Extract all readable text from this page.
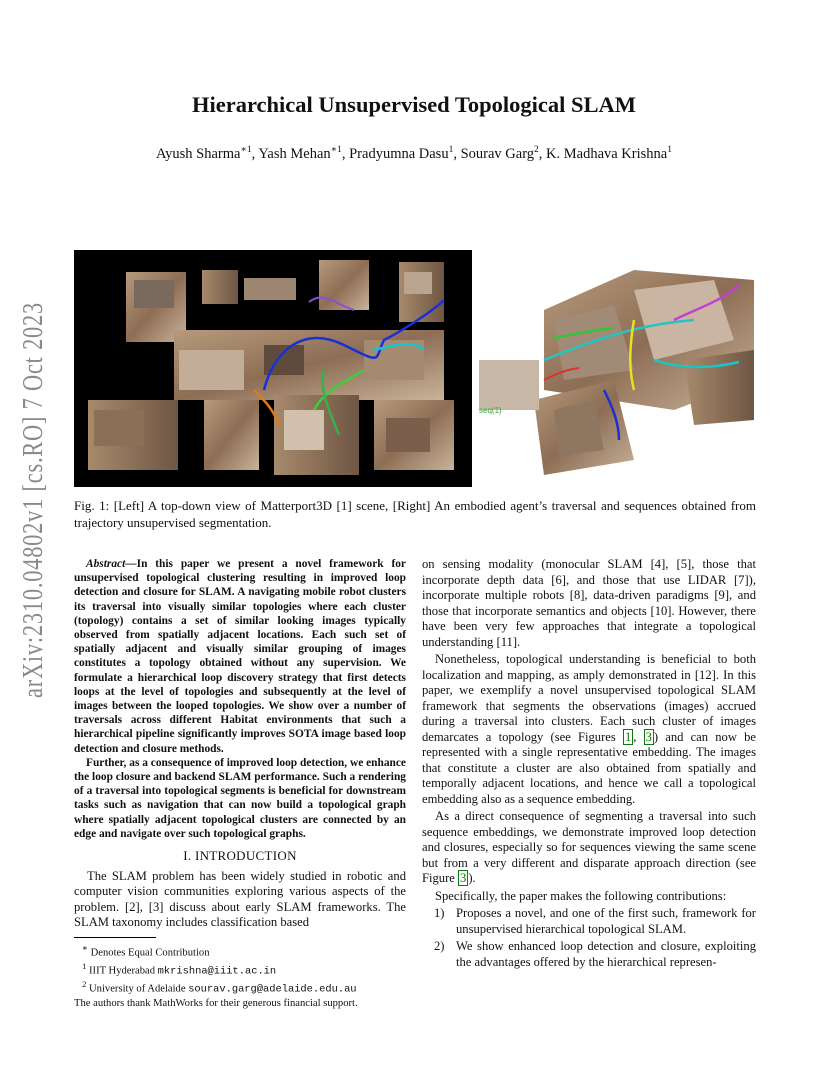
arXiv:2310.04802v1 [cs.RO] 7 Oct 2023
Hierarchical Unsupervised Topological SLAM
Ayush Sharma$^{∗1}$, Yash Mehan$^{∗1}$, Pradyumna Dasu$^1$, Sourav Garg$^2$, K. Madhava Krishna$^1$
seq(1)
Fig. 1: [Left] A top-down view of Matterport3D [1] scene, [Right] An embodied agent’s traversal and sequences obtained from trajectory unsupervised segmentation.

Abstract—In this paper we present a novel framework for unsupervised topological clustering resulting in improved loop detection and closure for SLAM. A navigating mobile robot clusters its traversal into visually similar topologies where each cluster (topology) contains a set of similar looking images typically observed from spatially adjacent locations. Each such set of spatially adjacent and visually similar grouping of images constitutes a topology obtained without any supervision. We formulate a hierarchical loop discovery strategy that first detects loops at the level of topologies and subsequently at the level of images between the looped topologies. We show over a number of traversals across different Habitat environments that such a hierarchical pipeline significantly improves SOTA image based loop detection and closure methods.

Further, as a consequence of improved loop detection, we enhance the loop closure and backend SLAM performance. Such a rendering of a traversal into topological segments is beneficial for downstream tasks such as navigation that can now build a topological graph where spatially adjacent topological clusters are connected by an edge and navigate over such topological graphs.

I. INTRODUCTION

The SLAM problem has been widely studied in robotic and computer vision communities exploring various aspects of the problem. [2], [3] discuss about early SLAM frameworks. The SLAM taxonomy includes classification based

∗ Denotes Equal Contribution
$^1$ IIIT Hyderabad mkrishna@iiit.ac.in
$^2$ University of Adelaide sourav.garg@adelaide.edu.au
The authors thank MathWorks for their generous financial support.

on sensing modality (monocular SLAM [4], [5], those that incorporate depth data [6], and those that use LIDAR [7]), incorporate multiple robots [8], data-driven paradigms [9], and those that incorporate semantics and objects [10]. However, there have been very few approaches that integrate a topological understanding [11].

Nonetheless, topological understanding is beneficial to both localization and mapping, as amply demonstrated in [12]. In this paper, we exemplify a novel unsupervised topological SLAM framework that segments the observations (images) accrued during a traversal into clusters. Each such cluster of images demarcates a topology (see Figures 1 , 3 ) and can now be represented with a single representative embedding. The images that constitute a cluster are also obtained from spatially and temporally adjacent locations, and hence we call a topological embedding also as a sequence embedding.

As a direct consequence of segmenting a traversal into such sequence embeddings, we demonstrate improved loop detection and closures, especially so for sequences viewing the same scene but from a very different and disparate approach direction (see Figure 3 ).

Specifically, the paper makes the following contributions:

1) Proposes a novel, and one of the first such, framework for unsupervised hierarchical topological SLAM.
2) We show enhanced loop detection and closure, exploiting the advantages offered by the hierarchical represen-
